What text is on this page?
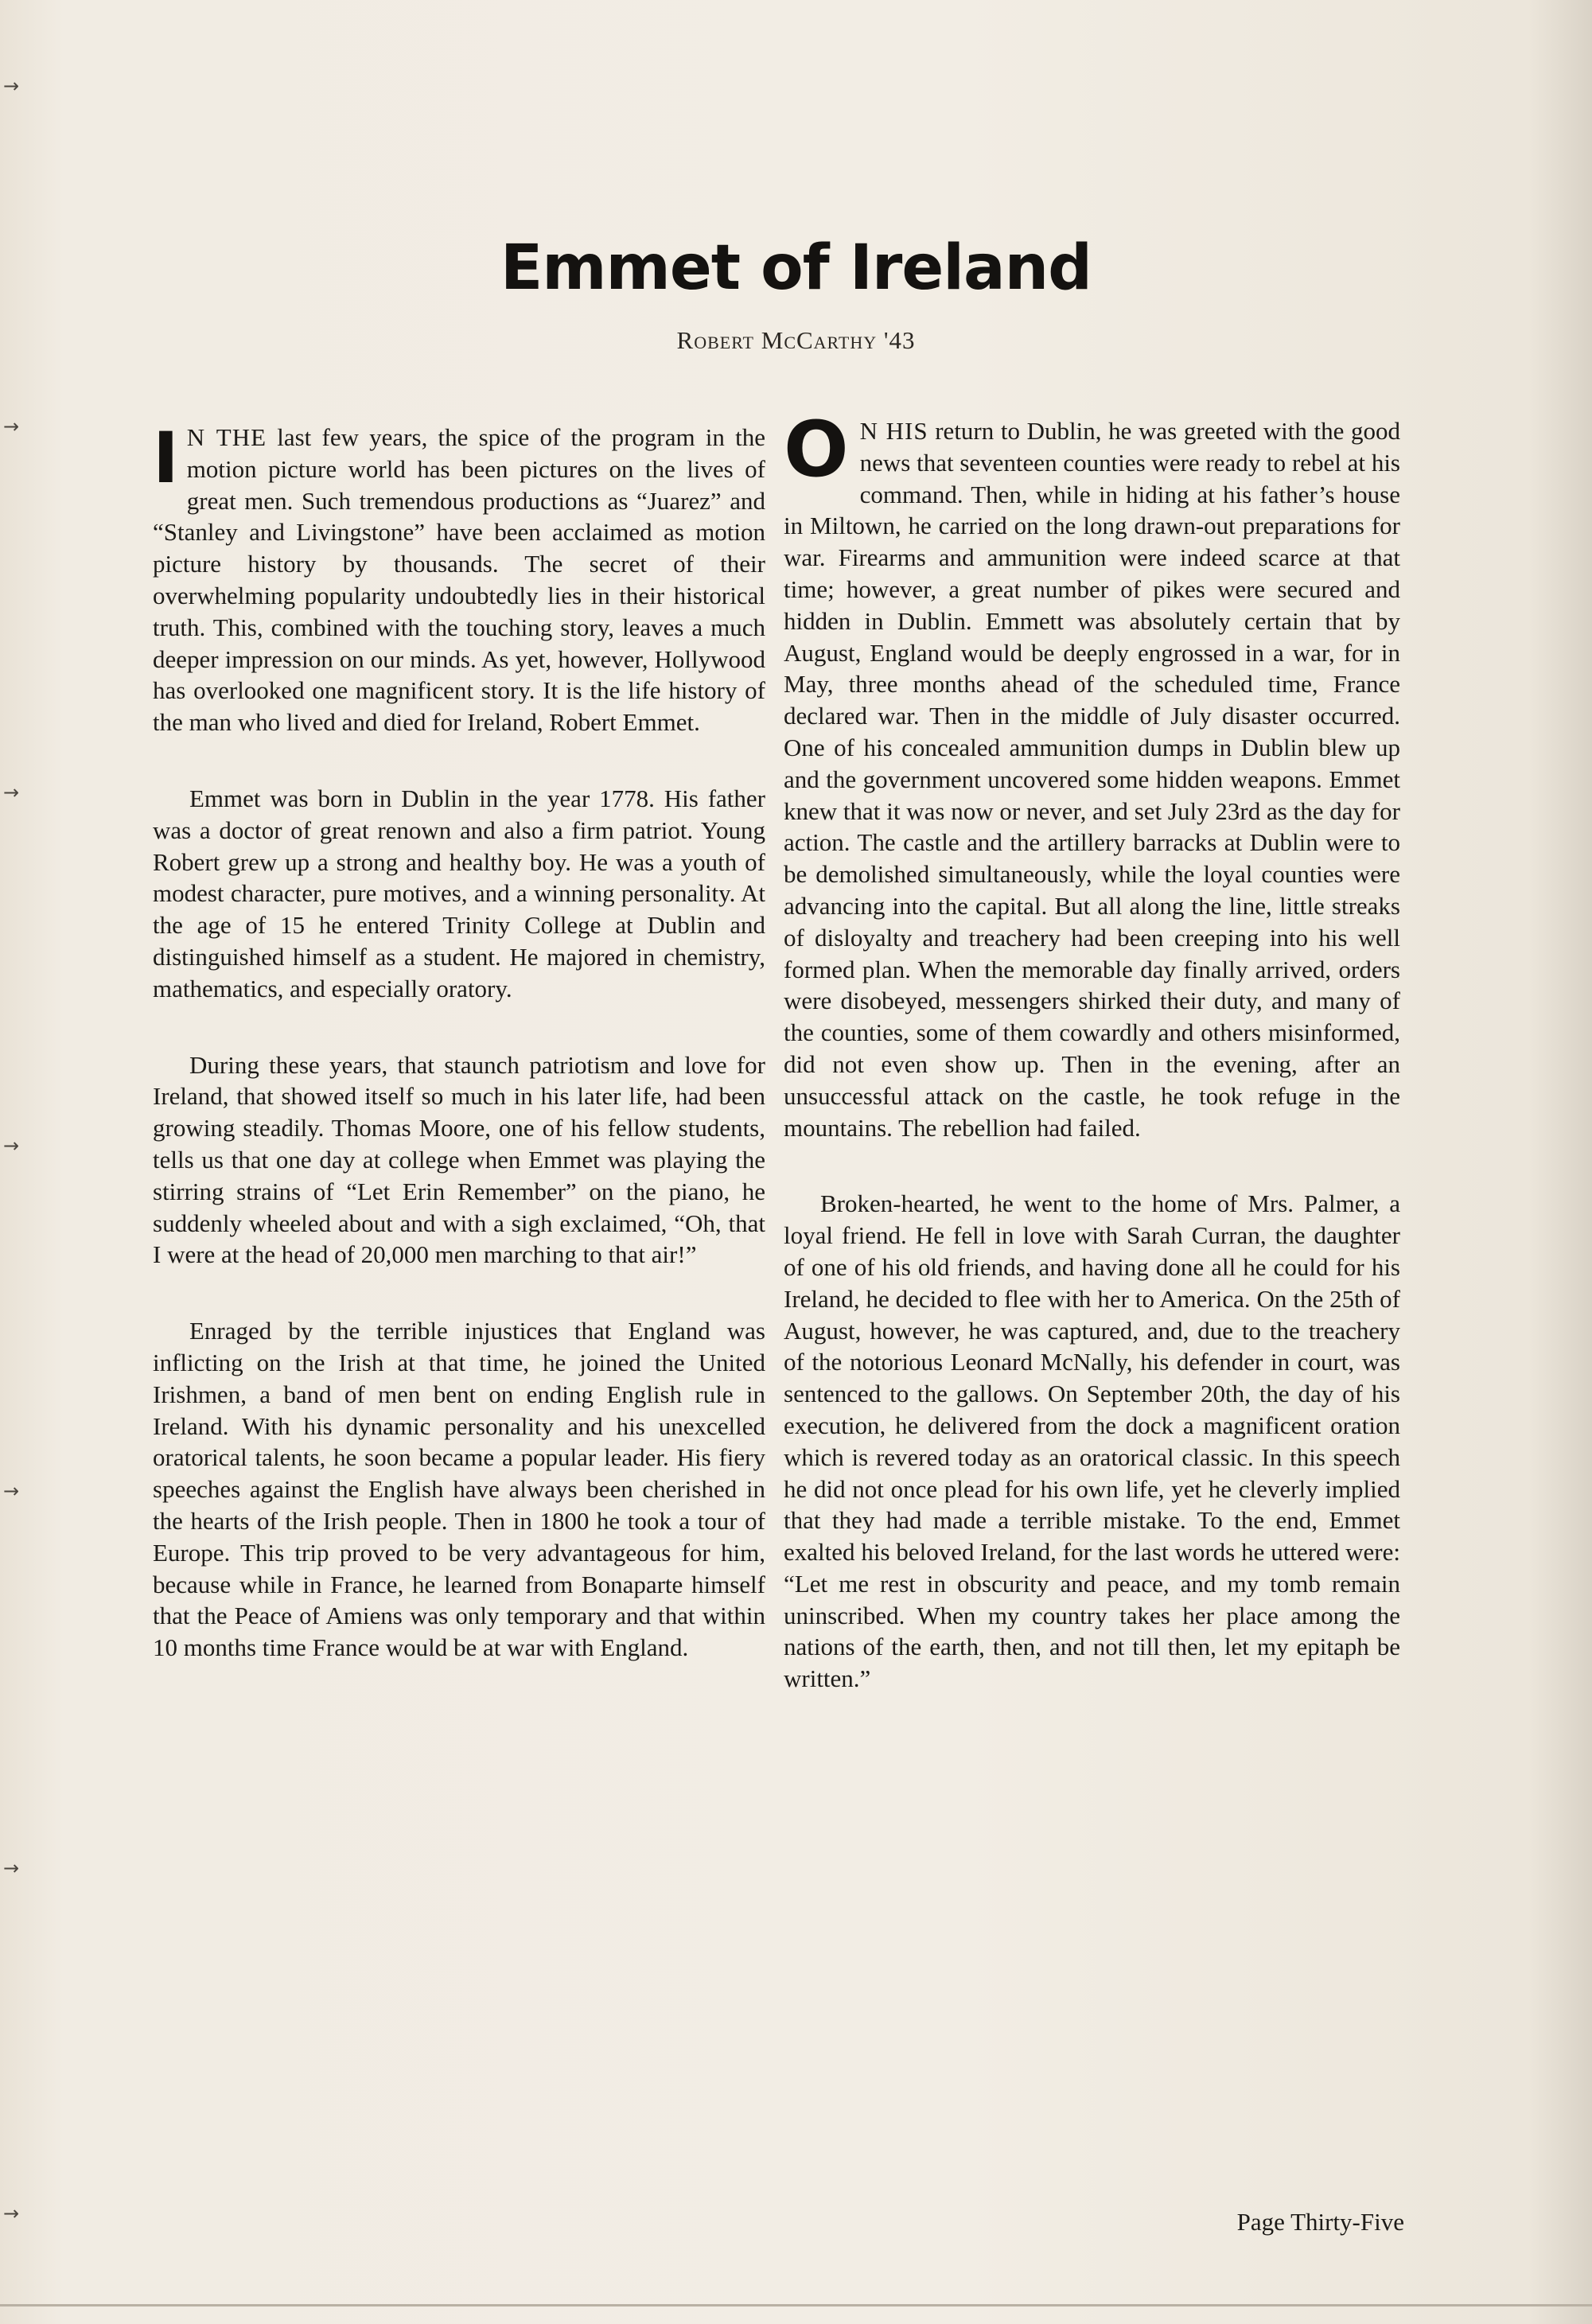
→
→
→
→
→
→
→
Emmet of Ireland
Robert McCarthy '43

I N THE last few years, the spice of the program in the motion picture world has been pictures on the lives of great men. Such tremendous productions as “Juarez” and “Stanley and Livingstone” have been acclaimed as motion picture history by thousands. The secret of their overwhelming popularity undoubtedly lies in their historical truth. This, combined with the touching story, leaves a much deeper impression on our minds. As yet, however, Hollywood has overlooked one magnificent story. It is the life history of the man who lived and died for Ireland, Robert Emmet.

Emmet was born in Dublin in the year 1778. His father was a doctor of great renown and also a firm patriot. Young Robert grew up a strong and healthy boy. He was a youth of modest character, pure motives, and a winning personality. At the age of 15 he entered Trinity College at Dublin and distinguished himself as a student. He majored in chemistry, mathematics, and especially oratory.

During these years, that staunch patriotism and love for Ireland, that showed itself so much in his later life, had been growing steadily. Thomas Moore, one of his fellow students, tells us that one day at college when Emmet was playing the stirring strains of “Let Erin Remember” on the piano, he suddenly wheeled about and with a sigh exclaimed, “Oh, that I were at the head of 20,000 men marching to that air!”

Enraged by the terrible injustices that England was inflicting on the Irish at that time, he joined the United Irishmen, a band of men bent on ending English rule in Ireland. With his dynamic personality and his unexcelled oratorical talents, he soon became a popular leader. His fiery speeches against the English have always been cherished in the hearts of the Irish people. Then in 1800 he took a tour of Europe. This trip proved to be very advantageous for him, because while in France, he learned from Bonaparte himself that the Peace of Amiens was only temporary and that within 10 months time France would be at war with England.

O N HIS return to Dublin, he was greeted with the good news that seventeen counties were ready to rebel at his command. Then, while in hiding at his father’s house in Miltown, he carried on the long drawn-out preparations for war. Firearms and ammunition were indeed scarce at that time; however, a great number of pikes were secured and hidden in Dublin. Emmett was absolutely certain that by August, England would be deeply engrossed in a war, for in May, three months ahead of the scheduled time, France declared war. Then in the middle of July disaster occurred. One of his concealed ammunition dumps in Dublin blew up and the government uncovered some hidden weapons. Emmet knew that it was now or never, and set July 23rd as the day for action. The castle and the artillery barracks at Dublin were to be demolished simultaneously, while the loyal counties were advancing into the capital. But all along the line, little streaks of disloyalty and treachery had been creeping into his well formed plan. When the memorable day finally arrived, orders were disobeyed, messengers shirked their duty, and many of the counties, some of them cowardly and others misinformed, did not even show up. Then in the evening, after an unsuccessful attack on the castle, he took refuge in the mountains. The rebellion had failed.

Broken-hearted, he went to the home of Mrs. Palmer, a loyal friend. He fell in love with Sarah Curran, the daughter of one of his old friends, and having done all he could for his Ireland, he decided to flee with her to America. On the 25th of August, however, he was captured, and, due to the treachery of the notorious Leonard McNally, his defender in court, was sentenced to the gallows. On September 20th, the day of his execution, he delivered from the dock a magnificent oration which is revered today as an oratorical classic. In this speech he did not once plead for his own life, yet he cleverly implied that they had made a terrible mistake. To the end, Emmet exalted his beloved Ireland, for the last words he uttered were: “Let me rest in obscurity and peace, and my tomb remain uninscribed. When my country takes her place among the nations of the earth, then, and not till then, let my epitaph be written.”

Page Thirty-Five
